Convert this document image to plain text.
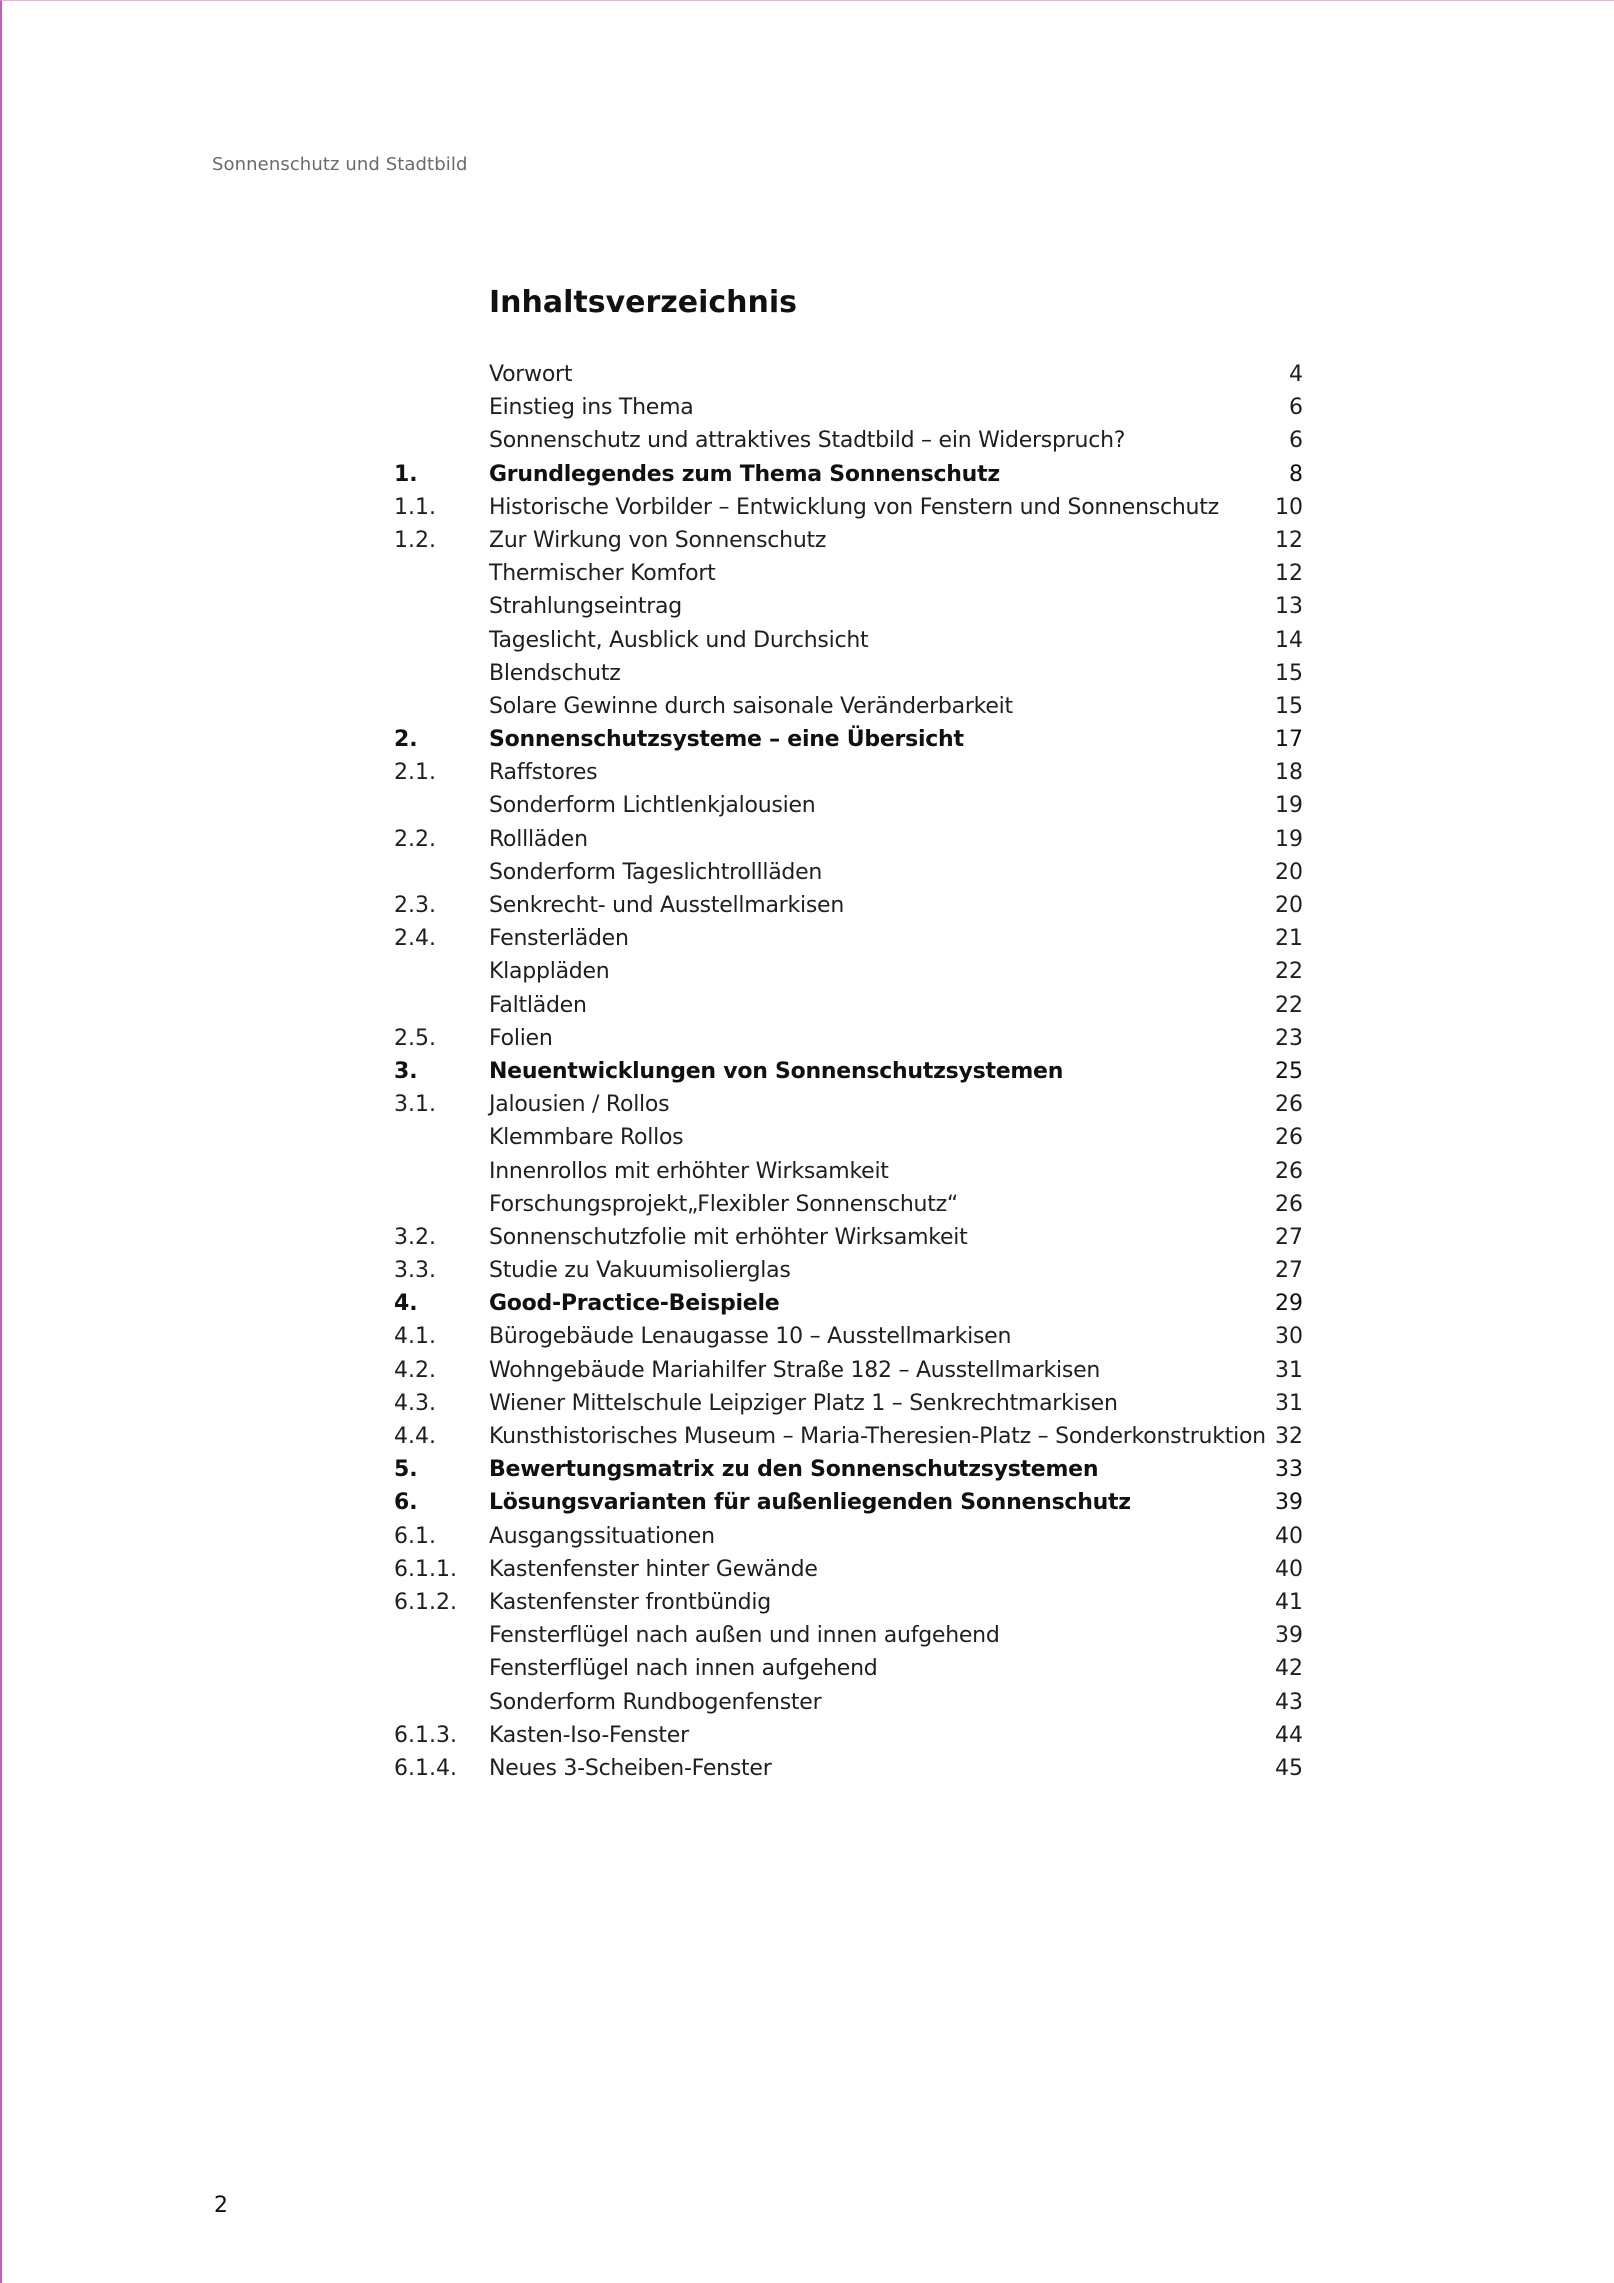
Sonnenschutz und Stadtbild
Inhaltsverzeichnis
Vorwort	4
Einstieg ins Thema	6
Sonnenschutz und attraktives Stadtbild – ein Widerspruch?	6
1.	Grundlegendes zum Thema Sonnenschutz	8
1.1. Historische Vorbilder – Entwicklung von Fenstern und Sonnenschutz	10
1.2. Zur Wirkung von Sonnenschutz	12
Thermischer Komfort	12
Strahlungseintrag	13
Tageslicht, Ausblick und Durchsicht	14
Blendschutz	15
Solare Gewinne durch saisonale Veränderbarkeit	15
2.	Sonnenschutzsysteme – eine Übersicht	17
2.1. Raffstores	18
Sonderform Lichtlenkjalousien	19
2.2. Rollläden	19
Sonderform Tageslichtrollläden	20
2.3. Senkrecht- und Ausstellmarkisen	20
2.4. Fensterläden	21
Klappläden	22
Faltläden	22
2.5. Folien	23
3.	Neuentwicklungen von Sonnenschutzsystemen	25
3.1. Jalousien / Rollos	26
Klemmbare Rollos	26
Innenrollos mit erhöhter Wirksamkeit	26
Forschungsprojekt„Flexibler Sonnenschutz“	26
3.2. Sonnenschutzfolie mit erhöhter Wirksamkeit	27
3.3. Studie zu Vakuumisolierglas	27
4.	Good-Practice-Beispiele	29
4.1. Bürogebäude Lenaugasse 10 – Ausstellmarkisen	30
4.2. Wohngebäude Mariahilfer Straße 182 – Ausstellmarkisen	31
4.3. Wiener Mittelschule Leipziger Platz 1 – Senkrechtmarkisen	31
4.4. Kunsthistorisches Museum – Maria-Theresien-Platz – Sonderkonstruktion 32
5.	Bewertungsmatrix zu den Sonnenschutzsystemen	33
6.	Lösungsvarianten für außenliegenden Sonnenschutz	39
6.1. Ausgangssituationen	40
6.1.1. Kastenfenster hinter Gewände	40
6.1.2. Kastenfenster frontbündig	41
Fensterflügel nach außen und innen aufgehend	39
Fensterflügel nach innen aufgehend	42
Sonderform Rundbogenfenster	43
6.1.3. Kasten-Iso-Fenster	44
6.1.4. Neues 3-Scheiben-Fenster	45
2
